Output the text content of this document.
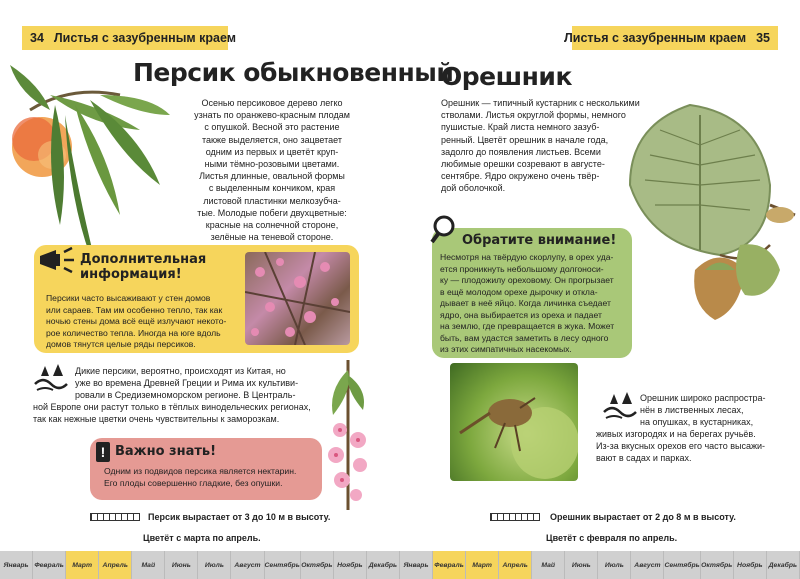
34 Листья с зазубренным краем
Персик обыкновенный
Осенью персиковое дерево легко
узнать по оранжево-красным плодам
с опушкой. Весной это растение
также выделяется, оно зацветает
одним из первых и цветёт круп-
ными тёмно-розовыми цветами.
Листья длинные, овальной формы
с выделенным кончиком, края
листовой пластинки мелкозубча-
тые. Молодые побеги двухцветные:
красные на солнечной стороне,
зелёные на теневой стороне.
Дополнительная
информация!
Персики часто высаживают у стен домов
или сараев. Там им особенно тепло, так как
ночью стены дома всё ещё излучают некото-
рое количество тепла. Иногда на юге вдоль
домов тянутся целые ряды персиков.
Дикие персики, вероятно, происходят из Китая, но
уже во времена Древней Греции и Рима их культиви-
ровали в Средиземноморском регионе. В Централь-
ной Европе они растут только в тёплых винодельческих регионах,
так как нежные цветки очень чувствительны к заморозкам.
! Важно знать!
Одним из подвидов персика является нектарин.
Его плоды совершенно гладкие, без опушки.
Персик вырастает от 3 до 10 м в высоту.
Цветёт с марта по апрель.
Листья с зазубренным краем 35
Орешник
Орешник — типичный кустарник с несколькими
стволами. Листья округлой формы, немного
пушистые. Край листа немного зазуб-
ренный. Цветёт орешник в начале года,
задолго до появления листьев. Всеми
любимые орешки созревают в августе-
сентябре. Ядро окружено очень твёр-
дой оболочкой.
Обратите внимание!
Несмотря на твёрдую скорлупу, в орех уда-
ется проникнуть небольшому долгоноси-
ку — плодожилу ореховому. Он прогрызает
в ещё молодом орехе дырочку и откла-
дывает в неё яйцо. Когда личинка съедает
ядро, она выбирается из ореха и падает
на землю, где превращается в жука. Может
быть, вам удастся заметить в лесу одного
из этих симпатичных насекомых.
Орешник широко распростра-
нён в лиственных лесах,
на опушках, в кустарниках,
живых изгородях и на берегах ручьёв.
Из-за вкусных орехов его часто высажи-
вают в садах и парках.
Орешник вырастает от 2 до 8 м в высоту.
Цветёт с февраля по апрель.
Январь Февраль	Март	Апрель	Май	Июнь	Июль	Август Сентябрь Октябрь Ноябрь Декабрь Январь Февраль	Март	Апрель	Май	Июнь	Июль	Август Сентябрь Октябрь Ноябрь Декабрь
